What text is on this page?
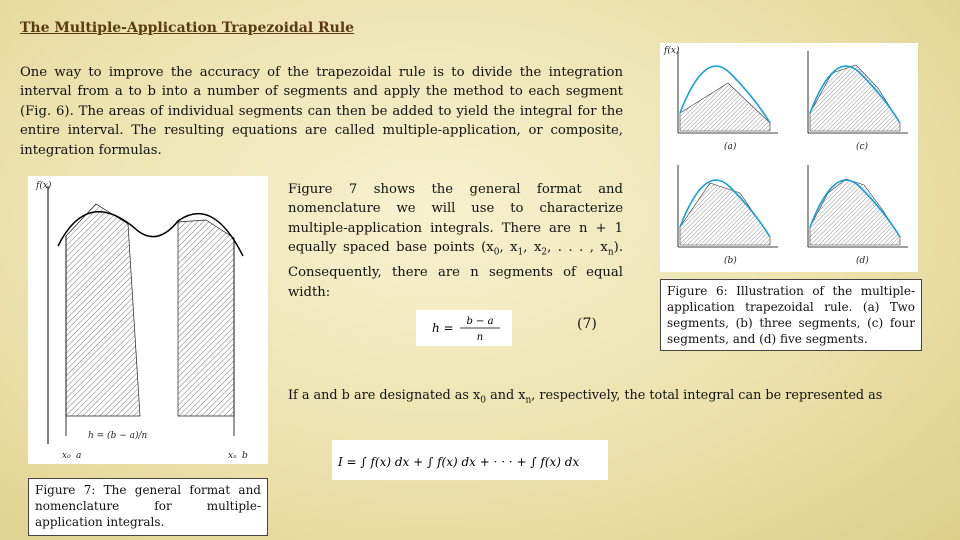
The Multiple-Application Trapezoidal Rule
One way to improve the accuracy of the trapezoidal rule is to divide the integration interval from a to b into a number of segments and apply the method to each segment (Fig. 6). The areas of individual segments can then be added to yield the integral for the entire interval. The resulting equations are called multiple-application, or composite, integration formulas.
Figure 7 shows the general format and nomenclature we will use to characterize multiple-application integrals. There are n + 1 equally spaced base points ($x_0$, $x_1$, $x_2$, . . . , $x_n$). Consequently, there are n segments of equal width:
h = b − a
n
(7)
If a and b are designated as $x_0$ and $x_n$, respectively, the total integral can be represented as
I = ∫ f(x) dx + ∫ f(x) dx + · · · + ∫ f(x) dx
f(x)
x₀ a	xₙ b
h = (b − a)/n
Figure 7: The general format and nomenclature for multiple-application integrals.
f(x)
(a)	(c)
(b)	(d)
Figure 6: Illustration of the multiple-application trapezoidal rule. (a) Two segments, (b) three segments, (c) four segments, and (d) five segments.
